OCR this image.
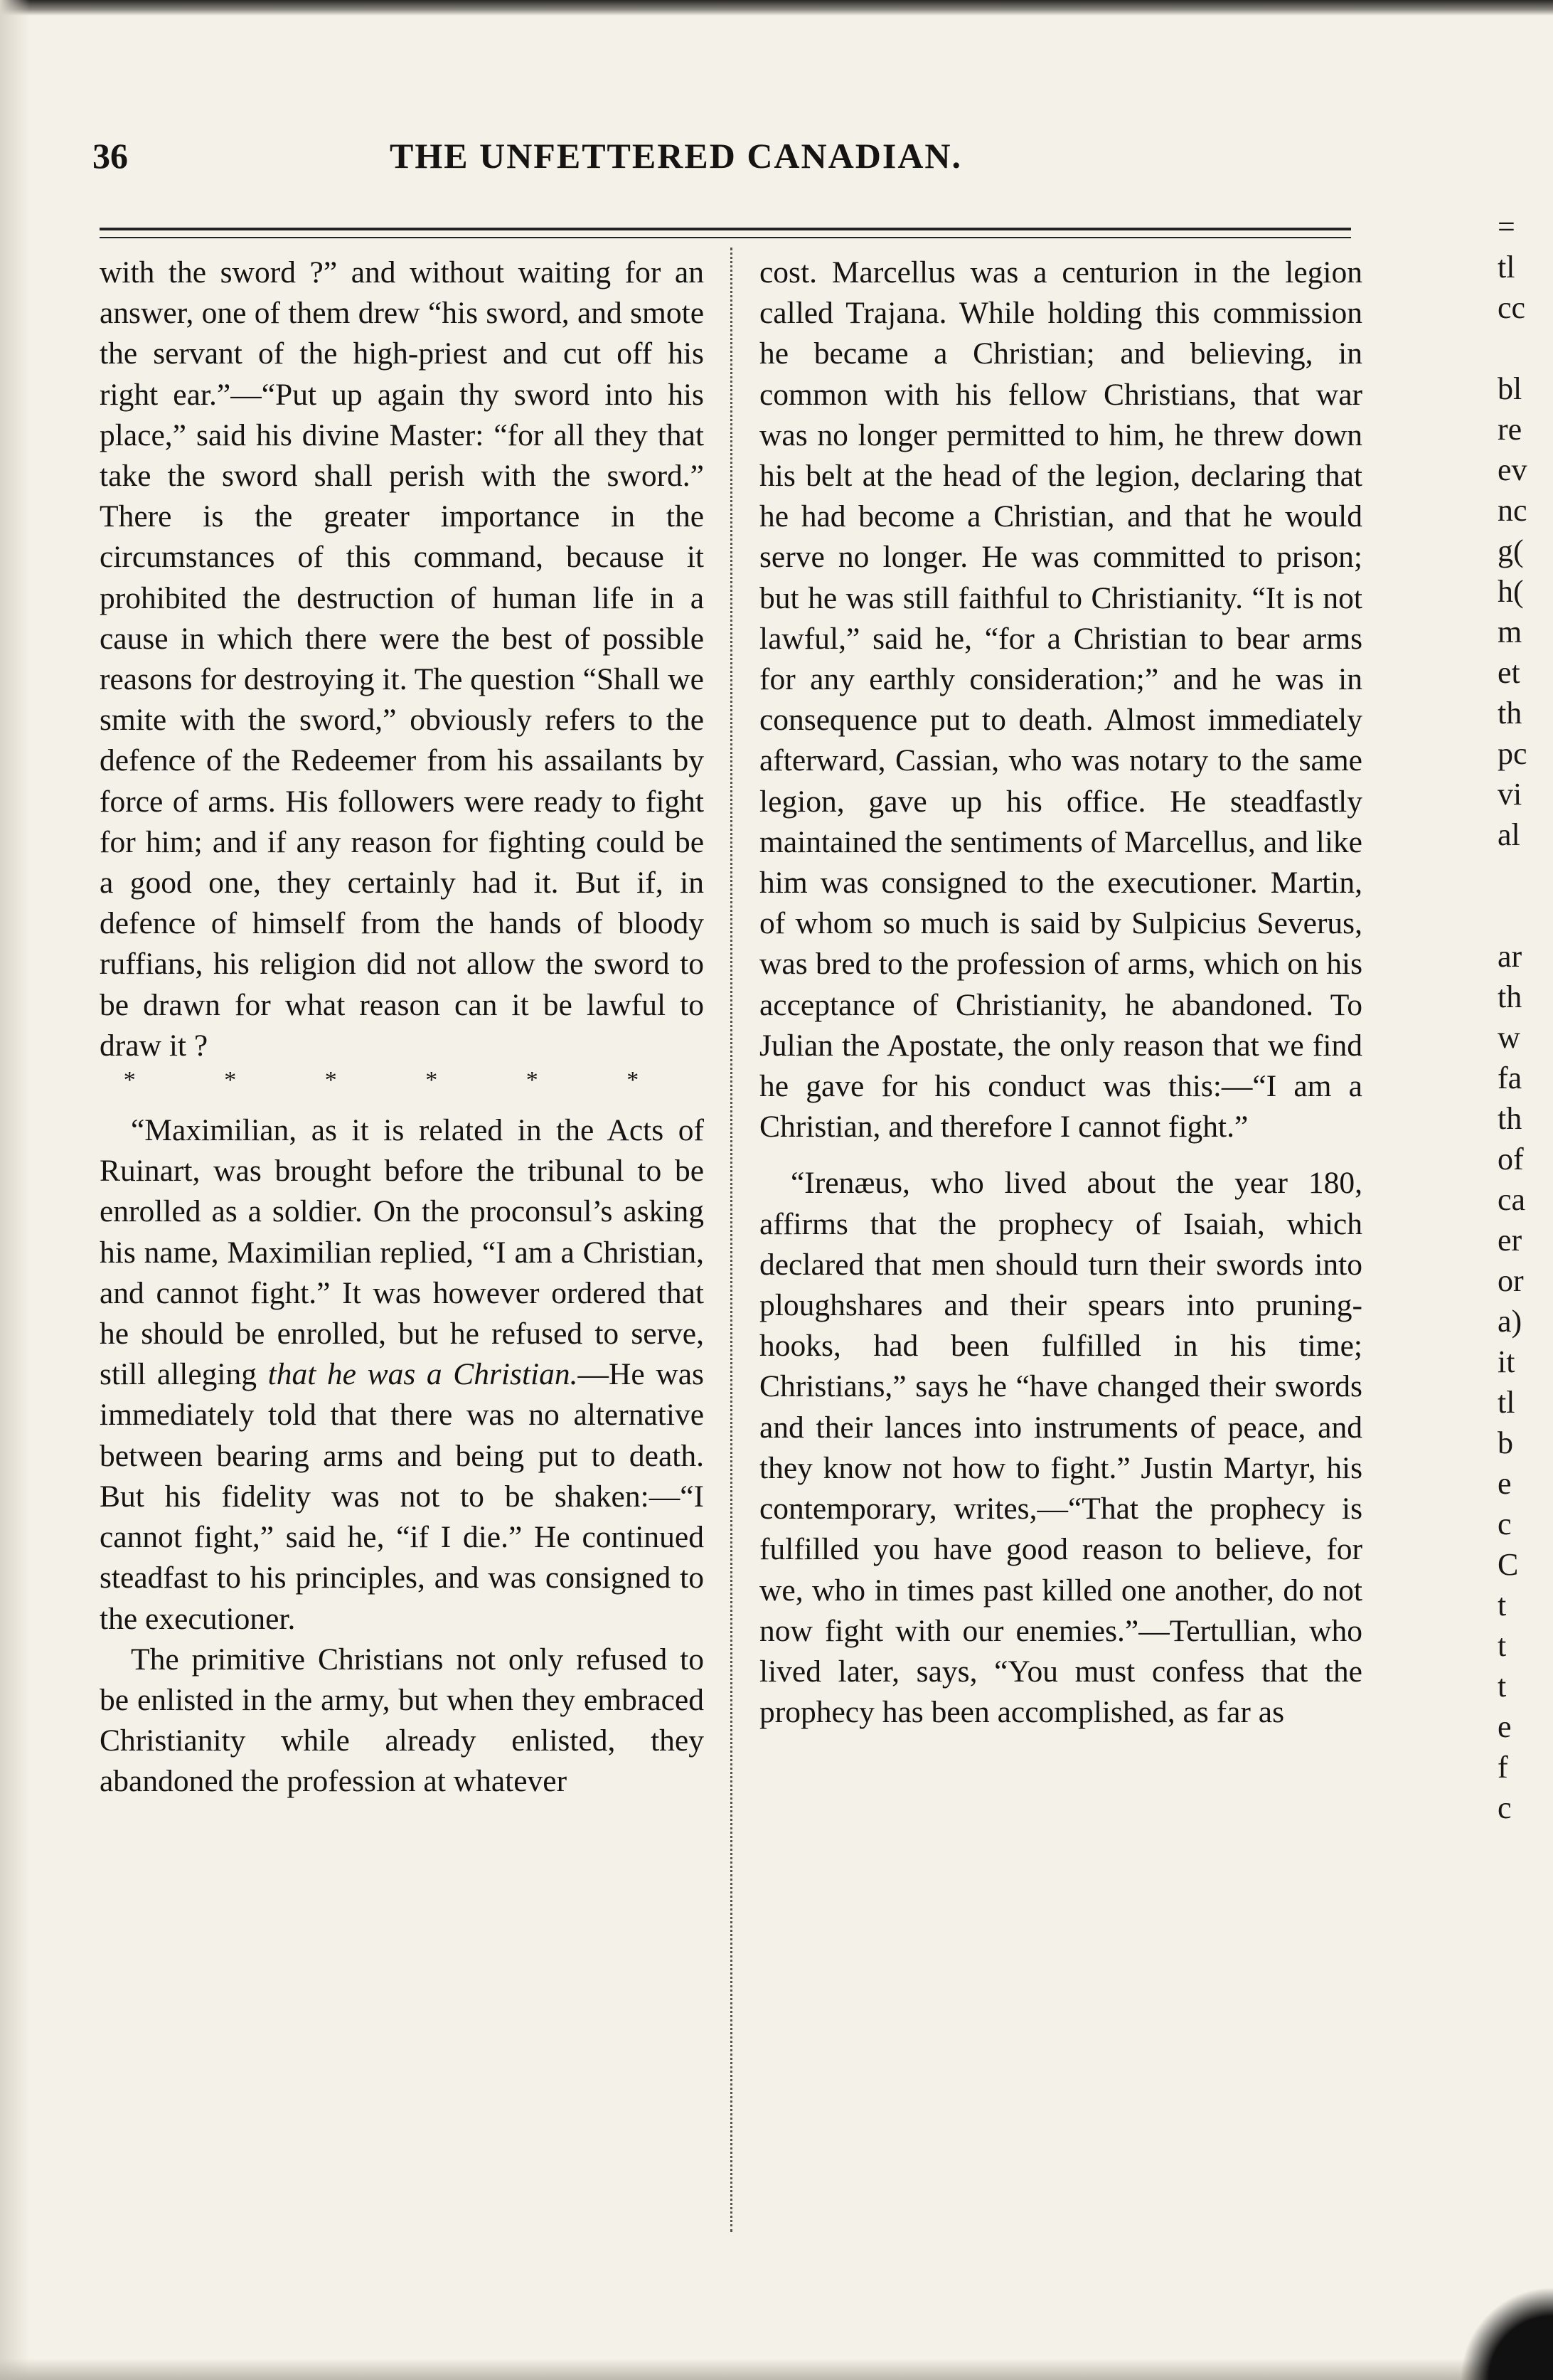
36	THE UNFETTERED CANADIAN.

with the sword ?” and without waiting for an answer, one of them drew “his sword, and smote the servant of the high-priest and cut off his right ear.”—“Put up again thy sword into his place,” said his divine Master: “for all they that take the sword shall perish with the sword.” There is the greater importance in the circumstances of this command, because it prohibited the destruction of human life in a cause in which there were the best of possible reasons for destroying it. The question “Shall we smite with the sword,” obviously refers to the defence of the Redeemer from his assailants by force of arms. His followers were ready to fight for him; and if any reason for fighting could be a good one, they certainly had it. But if, in defence of himself from the hands of bloody ruffians, his religion did not allow the sword to be drawn for what reason can it be lawful to draw it ?

* * * * * *

“Maximilian, as it is related in the Acts of Ruinart, was brought before the tribunal to be enrolled as a soldier. On the proconsul’s asking his name, Maximilian replied, “I am a Christian, and cannot fight.” It was however ordered that he should be enrolled, but he refused to serve, still alleging that he was a Christian.—He was immediately told that there was no alternative between bearing arms and being put to death. But his fidelity was not to be shaken:—“I cannot fight,” said he, “if I die.” He continued steadfast to his principles, and was consigned to the executioner.

The primitive Christians not only refused to be enlisted in the army, but when they embraced Christianity while already enlisted, they abandoned the profession at whatever

cost. Marcellus was a centurion in the legion called Trajana. While holding this commission he became a Christian; and believing, in common with his fellow Christians, that war was no longer permitted to him, he threw down his belt at the head of the legion, declaring that he had become a Christian, and that he would serve no longer. He was committed to prison; but he was still faithful to Christianity. “It is not lawful,” said he, “for a Christian to bear arms for any earthly consideration;” and he was in consequence put to death. Almost immediately afterward, Cassian, who was notary to the same legion, gave up his office. He steadfastly maintained the sentiments of Marcellus, and like him was consigned to the executioner. Martin, of whom so much is said by Sulpicius Severus, was bred to the profession of arms, which on his acceptance of Christianity, he abandoned. To Julian the Apostate, the only reason that we find he gave for his conduct was this:—“I am a Christian, and therefore I cannot fight.”

“Irenæus, who lived about the year 180, affirms that the prophecy of Isaiah, which declared that men should turn their swords into ploughshares and their spears into pruning-hooks, had been fulfilled in his time; Christians,” says he “have changed their swords and their lances into instruments of peace, and they know not how to fight.” Justin Martyr, his contemporary, writes,—“That the prophecy is fulfilled you have good reason to believe, for we, who in times past killed one another, do not now fight with our enemies.”—Tertullian, who lived later, says, “You must confess that the prophecy has been accomplished, as far as

=
tl
cc

bl
re
ev
nc
g(
h(
m
et
th
pc
vi
al

ar
th
w
fa
th
of
ca
er
or
a)
it
tl
b
e
c
C
t
t
t
e
f
c
